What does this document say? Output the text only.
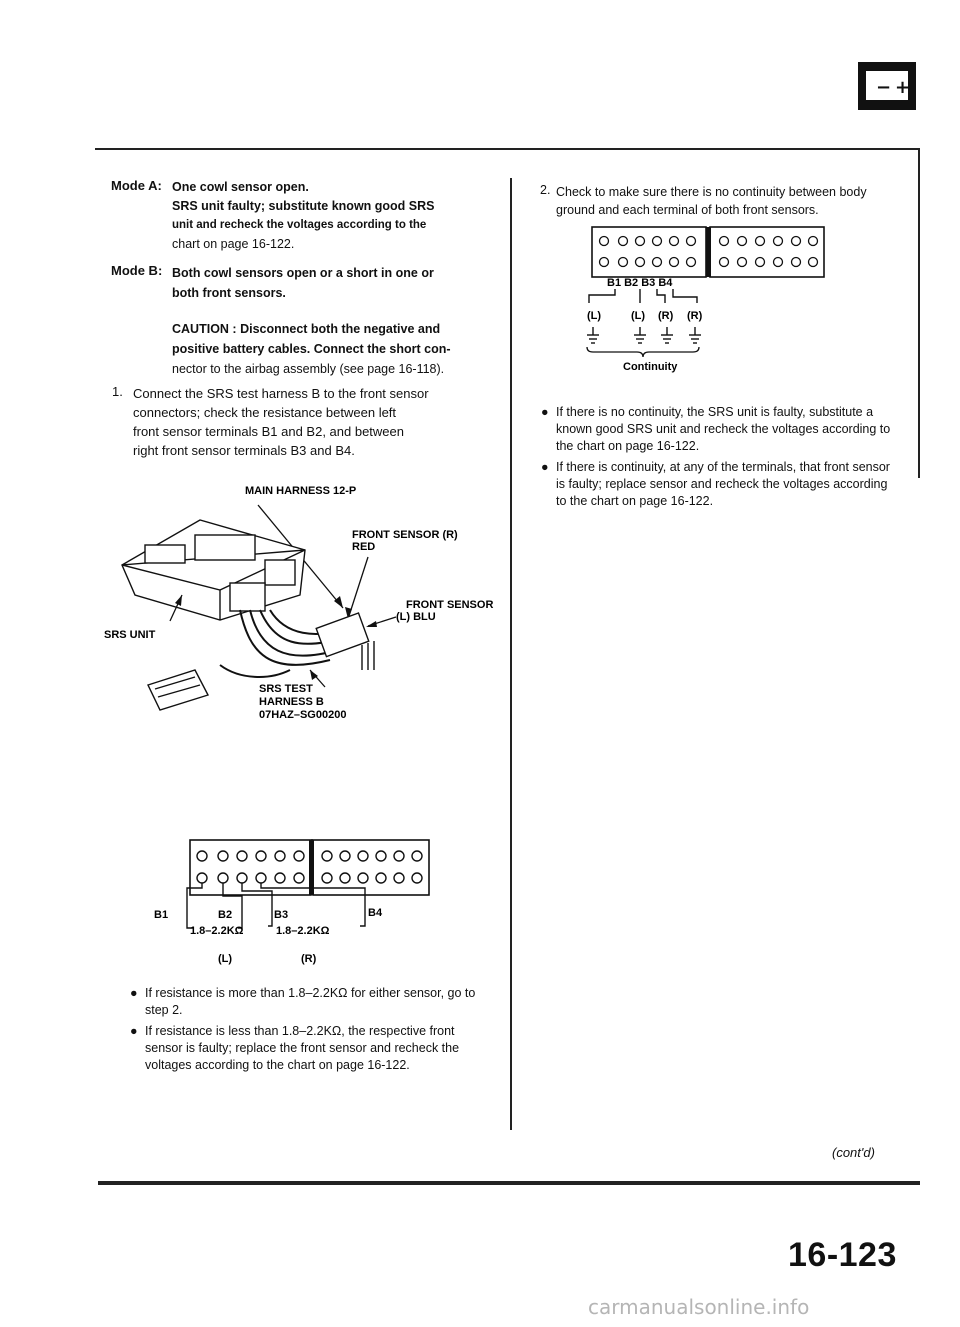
− +
Mode A: One cowl sensor open.
SRS unit faulty; substitute known good SRS
unit and recheck the voltages according to the
chart on page 16-122.
Mode B: Both cowl sensors open or a short in one or
both front sensors.
CAUTION : Disconnect both the negative and
positive battery cables. Connect the short con-
nector to the airbag assembly (see page 16-118).
1. Connect the SRS test harness B to the front sensor
connectors; check the resistance between left
front sensor terminals B1 and B2, and between
right front sensor terminals B3 and B4.
MAIN HARNESS 12-P
FRONT SENSOR (R)
RED
FRONT SENSOR
(L) BLU
SRS UNIT
SRS TEST
HARNESS B
07HAZ–SG00200
B1	B2	B3	B4
1.8–2.2KΩ	1.8–2.2KΩ
(L)	(R)
● If resistance is more than 1.8–2.2KΩ for either sensor, go to step 2.
● If resistance is less than 1.8–2.2KΩ, the respective front sensor is faulty; replace the front sensor and recheck the voltages according to the chart on page 16-122.
2. Check to make sure there is no continuity between body
ground and each terminal of both front sensors.
B1 B2 B3 B4
(L)	(L) (R) (R)
Continuity
● If there is no continuity, the SRS unit is faulty, substitute a known good SRS unit and recheck the voltages according to the chart on page 16-122.
● If there is continuity, at any of the terminals, that front sensor is faulty; replace sensor and recheck the voltages according to the chart on page 16-122.
(cont'd)
16-123
carmanualsonline.info
